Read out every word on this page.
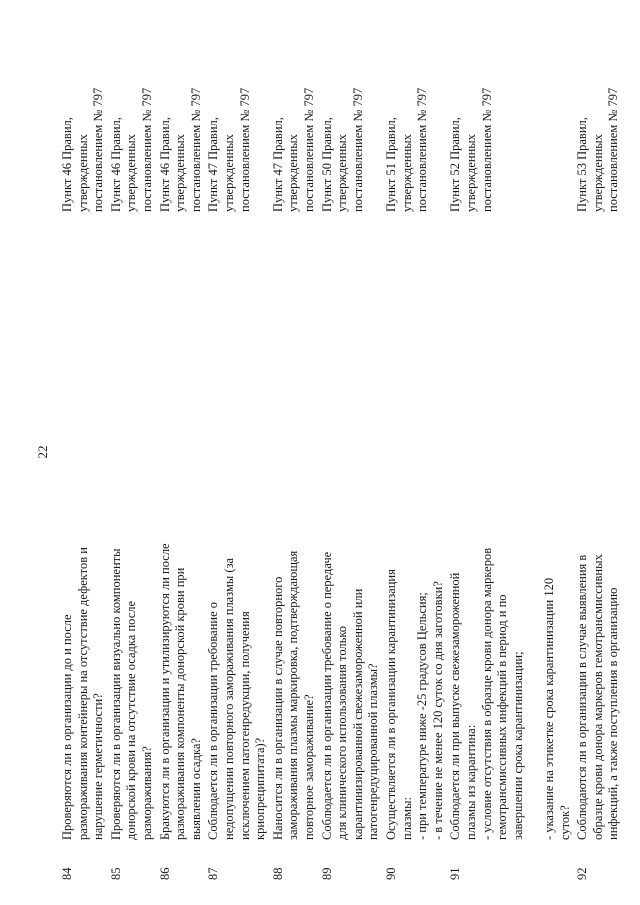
22
84
Проверяются ли в организации до и после размораживания контейнеры на отсутствие дефектов и нарушение герметичности?
Пункт 46 Правил, утвержденных постановлением № 797
85
Проверяются ли в организации визуально компоненты донорской крови на отсутствие осадка после размораживания?
Пункт 46 Правил, утвержденных постановлением № 797
86
Бракуются ли в организации и утилизируются ли после размораживания компоненты донорской крови при выявлении осадка?
Пункт 46 Правил, утвержденных постановлением № 797
87
Соблюдается ли в организации требование о недопущении повторного замораживания плазмы (за исключением патогенредукции, получения криопреципитата)?
Пункт 47 Правил, утвержденных постановлением № 797
88
Наносится ли в организации в случае повторного замораживания плазмы маркировка, подтверждающая повторное замораживание?
Пункт 47 Правил, утвержденных постановлением № 797
89
Соблюдается ли в организации требование о передаче для клинического использования только карантинизированной свежезамороженной или патогенредуцированной плазмы?
Пункт 50 Правил, утвержденных постановлением № 797
90
Осуществляется ли в организации карантинизация плазмы: - при температуре ниже -25 градусов Цельсия; - в течение не менее 120 суток со дня заготовки?
Пункт 51 Правил, утвержденных постановлением № 797
91
Соблюдается ли при выпуске свежезамороженной плазмы из карантина: - условие отсутствия в образце крови донора маркеров гемотрансмиссивных инфекций в период и по завершении срока карантинизации;
- указание на этикетке срока карантинизации 120 суток?
Пункт 52 Правил, утвержденных постановлением № 797
92
Соблюдаются ли в организации в случае выявления в образце крови донора маркеров гемотрансмиссивных инфекций, а также поступления в организацию
Пункт 53 Правил, утвержденных постановлением № 797
